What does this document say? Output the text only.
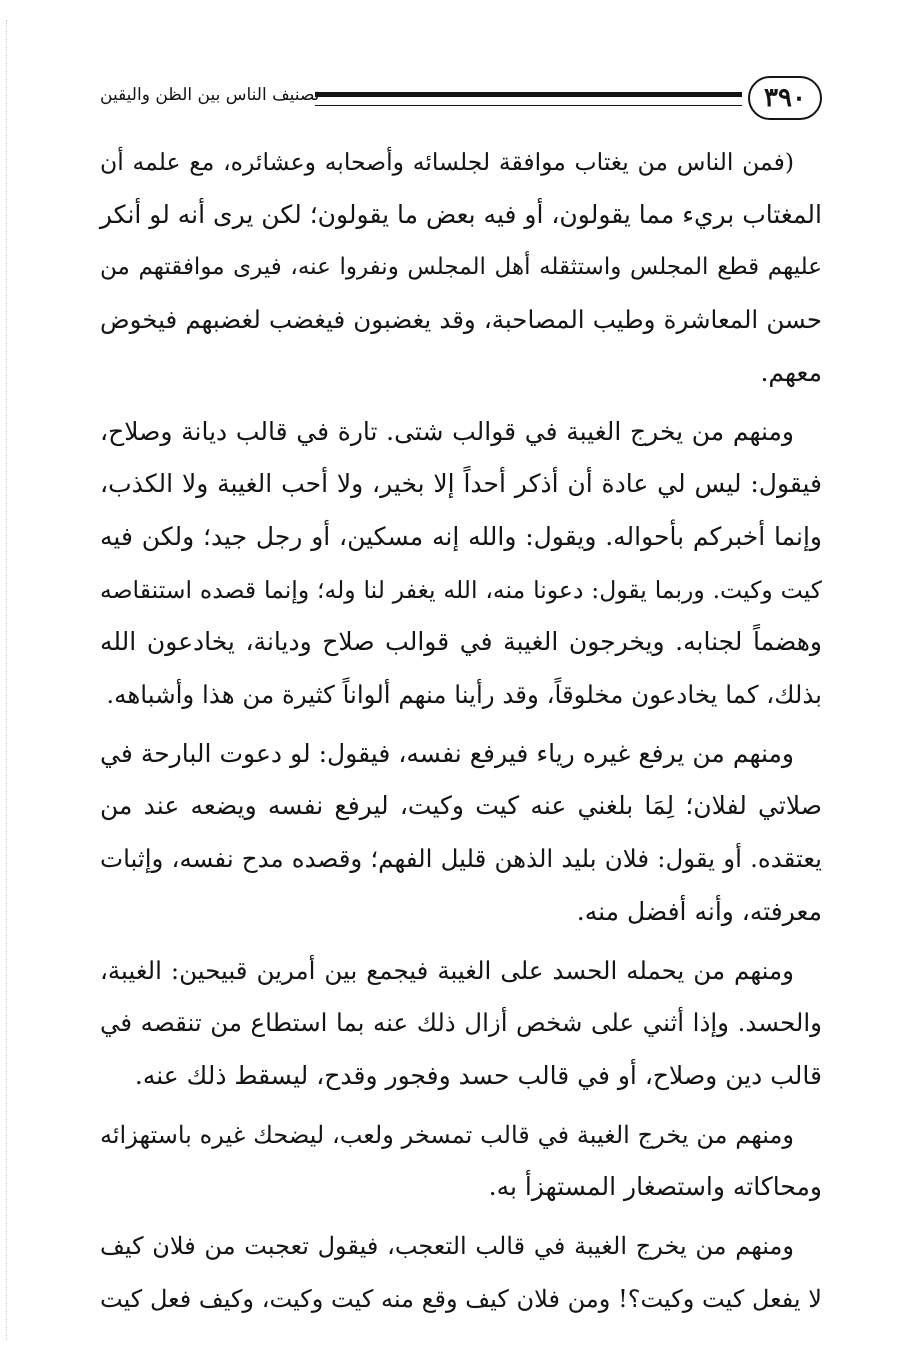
٣٩٠
تصنيف الناس بين الظن واليقين

(فمن الناس من يغتاب موافقة لجلسائه وأصحابه وعشائره، مع علمه أن
المغتاب بريء مما يقولون، أو فيه بعض ما يقولون؛ لكن يرى أنه لو أنكر
عليهم قطع المجلس واستثقله أهل المجلس ونفروا عنه، فيرى موافقتهم من
حسن المعاشرة وطيب المصاحبة، وقد يغضبون فيغضب لغضبهم فيخوض
معهم.

ومنهم من يخرج الغيبة في قوالب شتى. تارة في قالب ديانة وصلاح،
فيقول: ليس لي عادة أن أذكر أحداً إلا بخير، ولا أحب الغيبة ولا الكذب،
وإنما أخبركم بأحواله. ويقول: والله إنه مسكين، أو رجل جيد؛ ولكن فيه
كيت وكيت. وربما يقول: دعونا منه، الله يغفر لنا وله؛ وإنما قصده استنقاصه
وهضماً لجنابه. ويخرجون الغيبة في قوالب صلاح وديانة، يخادعون الله
بذلك، كما يخادعون مخلوقاً، وقد رأينا منهم ألواناً كثيرة من هذا وأشباهه.

ومنهم من يرفع غيره رياء فيرفع نفسه، فيقول: لو دعوت البارحة في
صلاتي لفلان؛ لِمَا بلغني عنه كيت وكيت، ليرفع نفسه ويضعه عند من
يعتقده. أو يقول: فلان بليد الذهن قليل الفهم؛ وقصده مدح نفسه، وإثبات
معرفته، وأنه أفضل منه.

ومنهم من يحمله الحسد على الغيبة فيجمع بين أمرين قبيحين: الغيبة،
والحسد. وإذا أثني على شخص أزال ذلك عنه بما استطاع من تنقصه في
قالب دين وصلاح، أو في قالب حسد وفجور وقدح، ليسقط ذلك عنه.

ومنهم من يخرج الغيبة في قالب تمسخر ولعب، ليضحك غيره باستهزائه
ومحاكاته واستصغار المستهزأ به.

ومنهم من يخرج الغيبة في قالب التعجب، فيقول تعجبت من فلان كيف
لا يفعل كيت وكيت؟! ومن فلان كيف وقع منه كيت وكيت، وكيف فعل كيت
